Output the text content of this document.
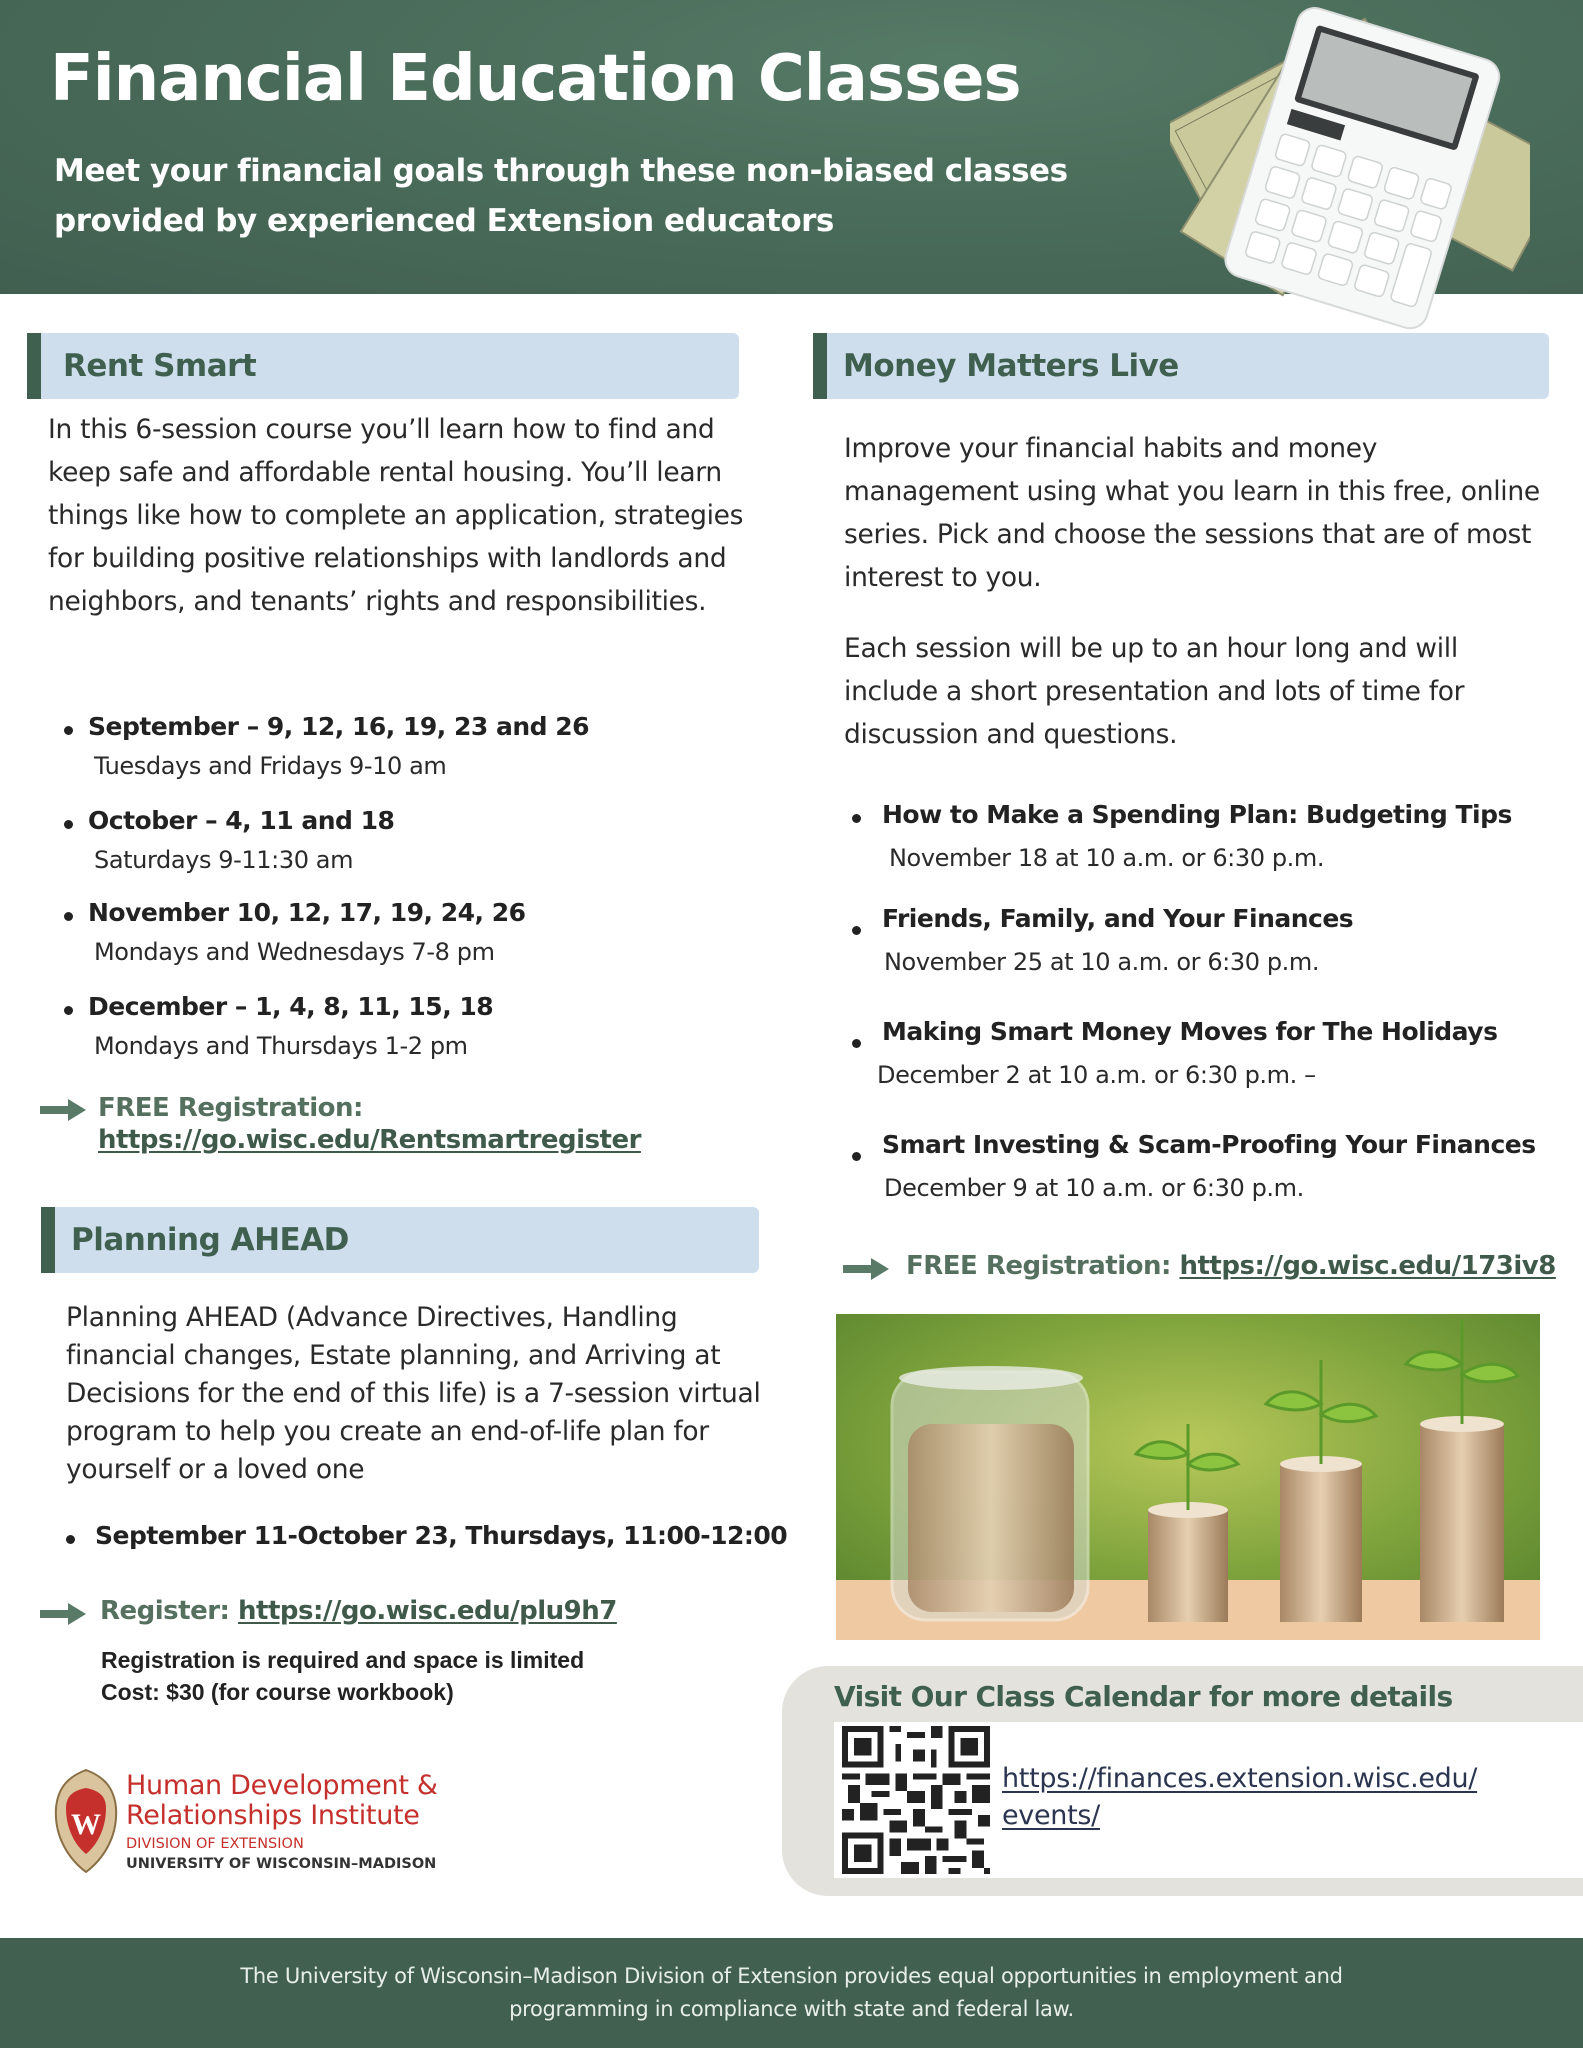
Financial Education Classes
Meet your financial goals through these non-biased classes
provided by experienced Extension educators
Rent Smart
In this 6-session course you’ll learn how to find and keep safe and affordable rental housing. You’ll learn things like how to complete an application, strategies for building positive relationships with landlords and neighbors, and tenants’ rights and responsibilities.
September – 9, 12, 16, 19, 23 and 26
Tuesdays and Fridays 9-10 am
October – 4, 11 and 18
Saturdays 9-11:30 am
November 10, 12, 17, 19, 24, 26
Mondays and Wednesdays 7-8 pm
December – 1, 4, 8, 11, 15, 18
Mondays and Thursdays 1-2 pm
FREE Registration:
https://go.wisc.edu/Rentsmartregister
Planning AHEAD
Planning AHEAD (Advance Directives, Handling financial changes, Estate planning, and Arriving at Decisions for the end of this life) is a 7-session virtual program to help you create an end-of-life plan for yourself or a loved one
September 11-October 23, Thursdays, 11:00-12:00
Register: https://go.wisc.edu/plu9h7
Registration is required and space is limited
Cost: $30 (for course workbook)
W
Human Development &
Relationships Institute
DIVISION OF EXTENSION
UNIVERSITY OF WISCONSIN–MADISON
Money Matters Live
Improve your financial habits and money management using what you learn in this free, online series. Pick and choose the sessions that are of most interest to you.
Each session will be up to an hour long and will include a short presentation and lots of time for discussion and questions.
How to Make a Spending Plan: Budgeting Tips
November 18 at 10 a.m. or 6:30 p.m.
Friends, Family, and Your Finances
November 25 at 10 a.m. or 6:30 p.m.
Making Smart Money Moves for The Holidays
December 2 at 10 a.m. or 6:30 p.m. –
Smart Investing & Scam-Proofing Your Finances
December 9 at 10 a.m. or 6:30 p.m.
FREE Registration: https://go.wisc.edu/173iv8
Visit Our Class Calendar for more details
https://finances.extension.wisc.edu/
events/

The University of Wisconsin–Madison Division of Extension provides equal opportunities in employment and
programming in compliance with state and federal law.
